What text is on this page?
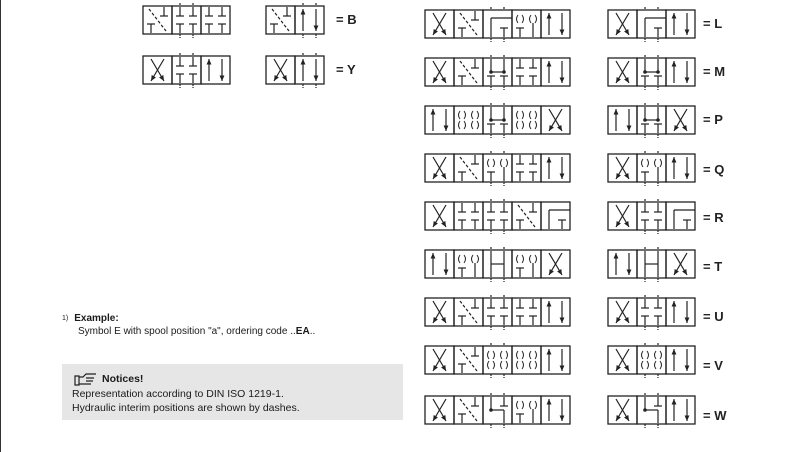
= B
= Y
= L
= M
= P
= Q
= R
= T
= U
= V
= W
$^{1)}$ Example:
Symbol E with spool position "a", ordering code ..EA..
Notices!
Representation according to DIN ISO 1219-1.
Hydraulic interim positions are shown by dashes.
